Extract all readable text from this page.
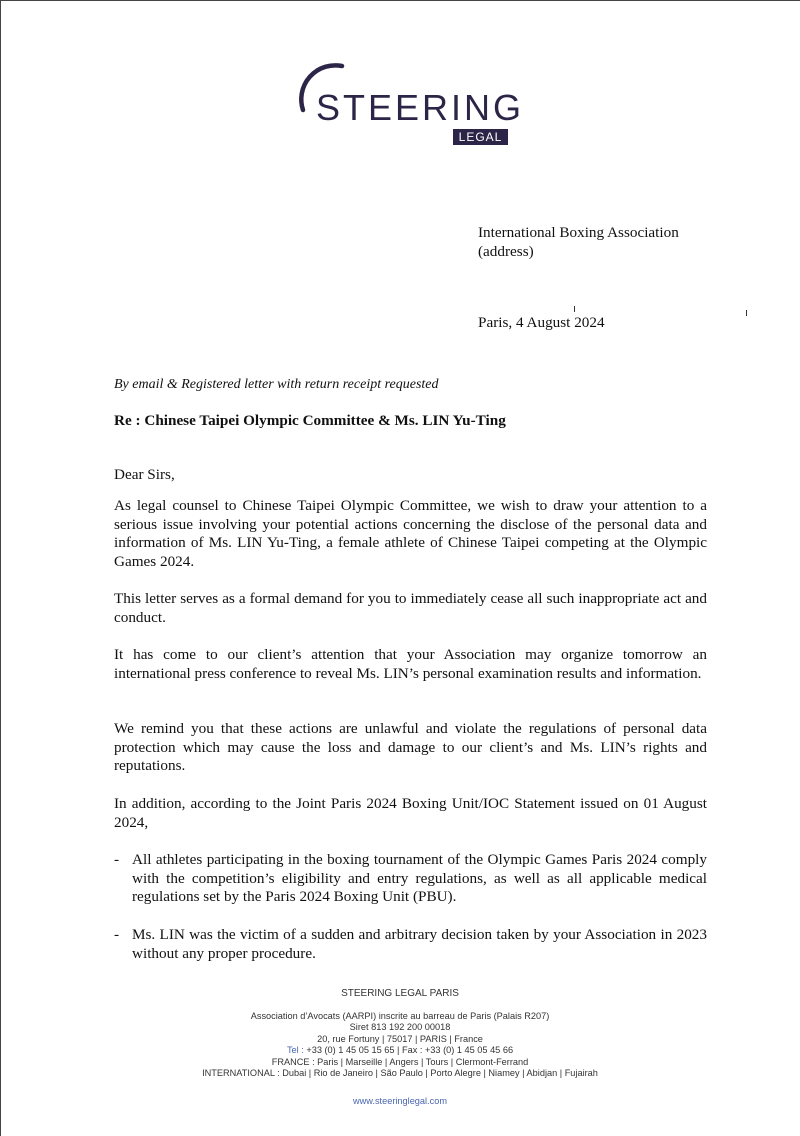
STEERING
LEGAL
International Boxing Association
(address)
Paris, 4 August 2024
By email & Registered letter with return receipt requested
Re : Chinese Taipei Olympic Committee & Ms. LIN Yu-Ting
Dear Sirs,
As legal counsel to Chinese Taipei Olympic Committee, we wish to draw your attention to a serious issue involving your potential actions concerning the disclose of the personal data and information of Ms. LIN Yu-Ting, a female athlete of Chinese Taipei competing at the Olympic Games 2024.
This letter serves as a formal demand for you to immediately cease all such inappropriate act and conduct.
It has come to our client’s attention that your Association may organize tomorrow an international press conference to reveal Ms. LIN’s personal examination results and information.
We remind you that these actions are unlawful and violate the regulations of personal data protection which may cause the loss and damage to our client’s and Ms. LIN’s rights and reputations.
In addition, according to the Joint Paris 2024 Boxing Unit/IOC Statement issued on 01 August 2024,
- All athletes participating in the boxing tournament of the Olympic Games Paris 2024 comply with the competition’s eligibility and entry regulations, as well as all applicable medical regulations set by the Paris 2024 Boxing Unit (PBU).
- Ms. LIN was the victim of a sudden and arbitrary decision taken by your Association in 2023 without any proper procedure.
STEERING LEGAL PARIS
Association d’Avocats (AARPI) inscrite au barreau de Paris (Palais R207)
Siret 813 192 200 00018
20, rue Fortuny | 75017 | PARIS | France
Tel : +33 (0) 1 45 05 15 65 | Fax : +33 (0) 1 45 05 45 66
FRANCE : Paris | Marseille | Angers | Tours | Clermont-Ferrand
INTERNATIONAL : Dubai | Rio de Janeiro | São Paulo | Porto Alegre | Niamey | Abidjan | Fujairah
www.steeringlegal.com
